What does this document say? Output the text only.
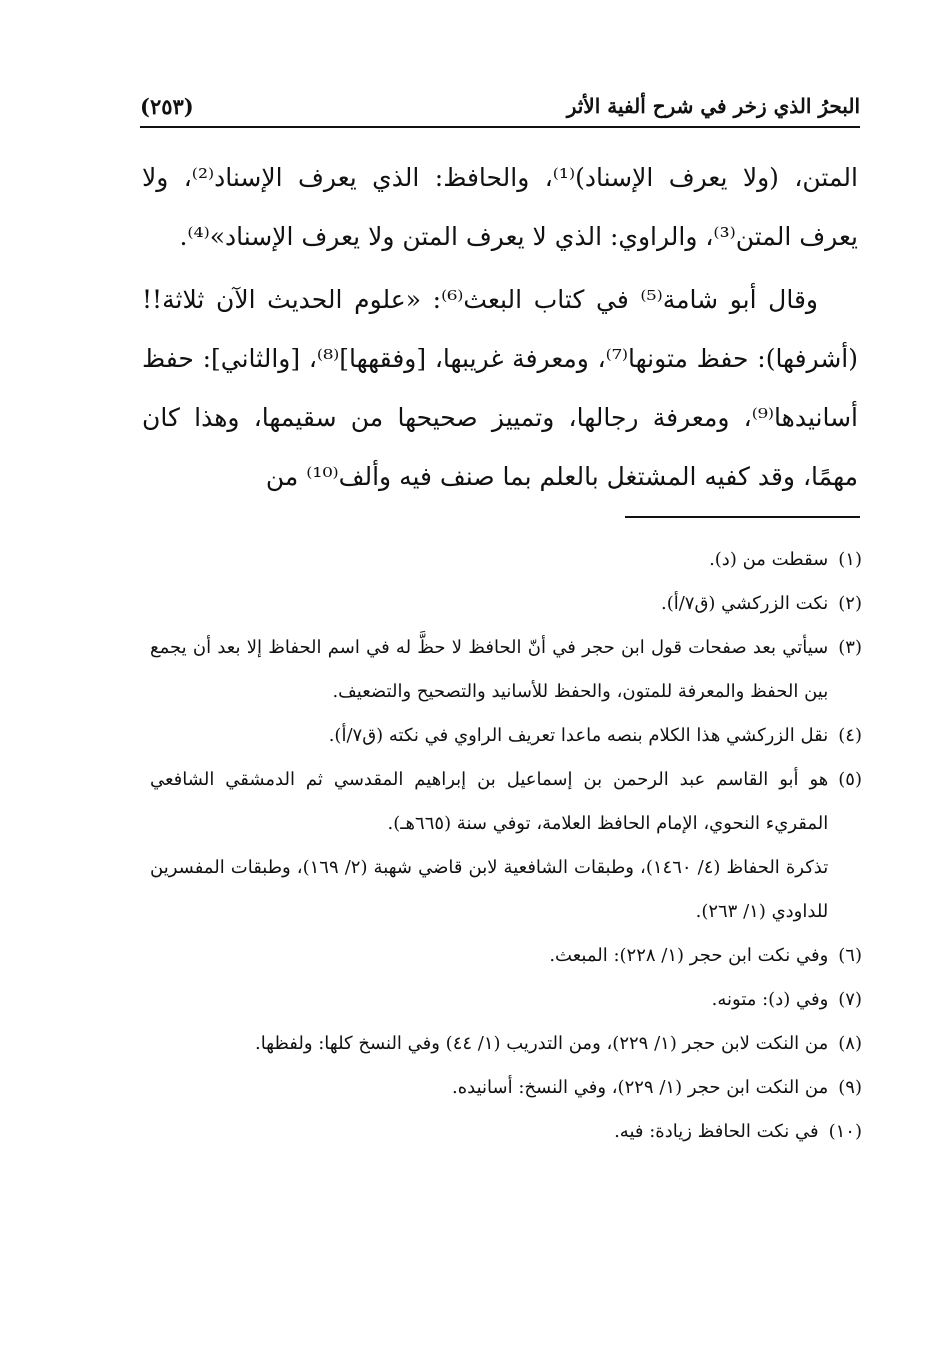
البحرُ الذي زخر في شرح ألفية الأثر
(٢٥٣)

المتن، (ولا يعرف الإسناد)⁽¹⁾، والحافظ: الذي يعرف الإسناد⁽²⁾، ولا يعرف المتن⁽³⁾، والراوي: الذي لا يعرف المتن ولا يعرف الإسناد»⁽⁴⁾.

وقال أبو شامة⁽⁵⁾ في كتاب البعث⁽⁶⁾: «علوم الحديث الآن ثلاثة!! (أشرفها): حفظ متونها⁽⁷⁾، ومعرفة غريبها، [وفقهها]⁽⁸⁾، [والثاني]: حفظ أسانيدها⁽⁹⁾، ومعرفة رجالها، وتمييز صحيحها من سقيمها، وهذا كان مهمًا، وقد كفيه المشتغل بالعلم بما صنف فيه وألف⁽¹⁰⁾ من

(١)
سقطت من (د).
(٢)
نكت الزركشي (ق٧/أ).
(٣)
سيأتي بعد صفحات قول ابن حجر في أنّ الحافظ لا حظَّ له في اسم الحفاظ إلا بعد أن يجمع بين الحفظ والمعرفة للمتون، والحفظ للأسانيد والتصحيح والتضعيف.
(٤)
نقل الزركشي هذا الكلام بنصه ماعدا تعريف الراوي في نكته (ق٧/أ).
(٥)
هو أبو القاسم عبد الرحمن بن إسماعيل بن إبراهيم المقدسي ثم الدمشقي الشافعي المقريء النحوي، الإمام الحافظ العلامة، توفي سنة (٦٦٥هـ).
تذكرة الحفاظ (٤/ ١٤٦٠)، وطبقات الشافعية لابن قاضي شهبة (٢/ ١٦٩)، وطبقات المفسرين للداودي (١/ ٢٦٣).
(٦)
وفي نكت ابن حجر (١/ ٢٢٨): المبعث.
(٧)
وفي (د): متونه.
(٨)
من النكت لابن حجر (١/ ٢٢٩)، ومن التدريب (١/ ٤٤) وفي النسخ كلها: ولفظها.
(٩)
من النكت ابن حجر (١/ ٢٢٩)، وفي النسخ: أسانيده.
(١٠)
في نكت الحافظ زيادة: فيه.
